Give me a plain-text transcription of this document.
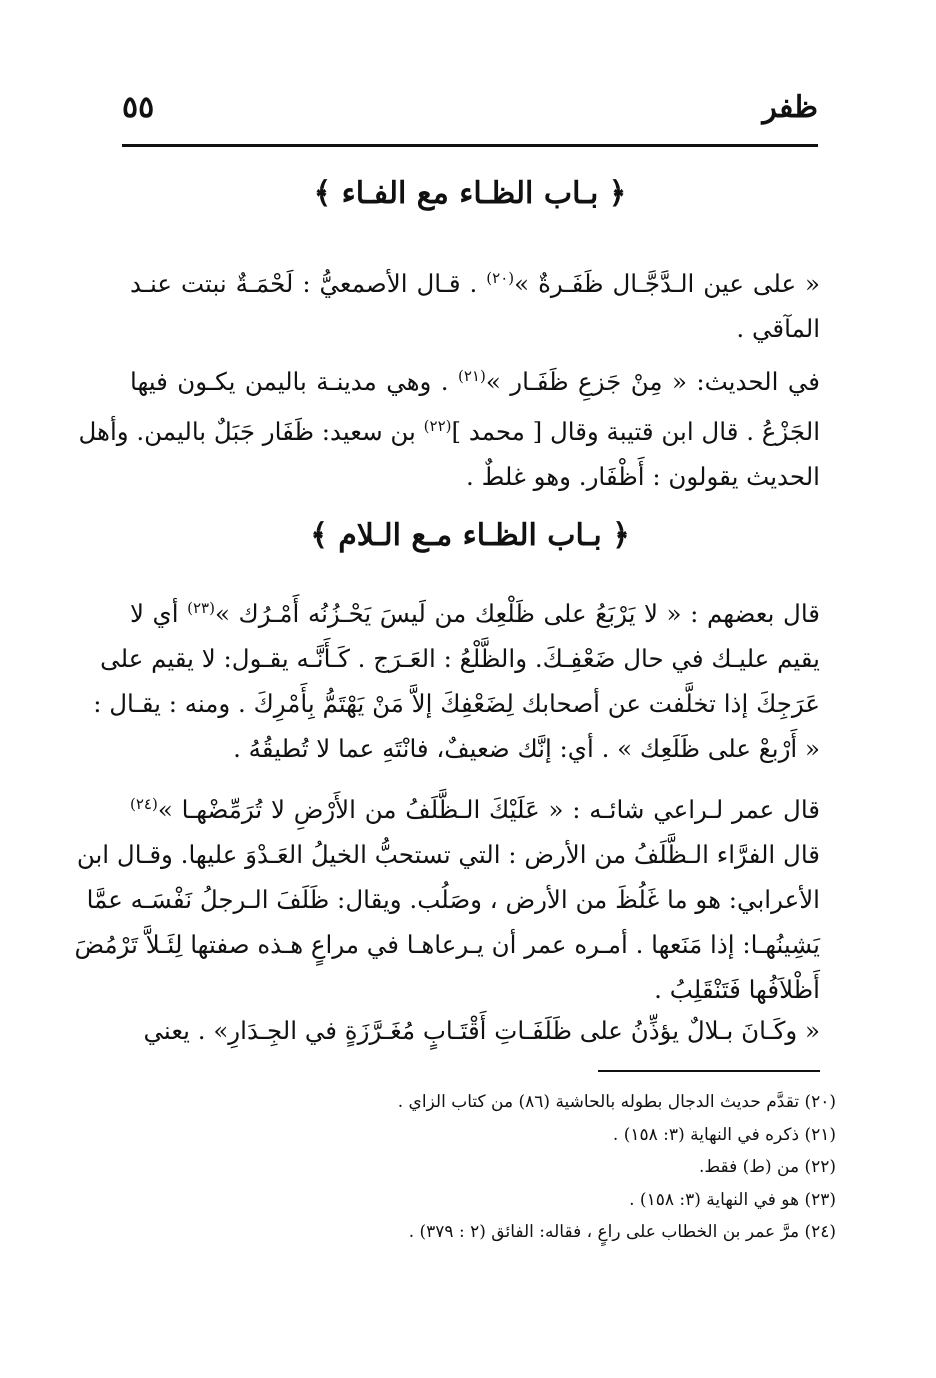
ظفر
٥٥
﴿ بـاب الظـاء مع الفـاء ﴾
« على عين الـدَّجَّـال ظَفَـرةٌ »$^{(٢٠)}$ . قـال الأصمعيُّ : لَحْمَـةٌ نبتت عنـد
المآقي .
في الحديث: « مِنْ جَزعِ ظَفَـار »$^{(٢١)}$ . وهي مدينـة باليمن يكـون فيها
الجَزْعُ . قال ابن قتيبة وقال [ محمد ]$^{(٢٢)}$ بن سعيد: ظَفَار جَبَلٌ باليمن. وأهل
الحديث يقولون : أَظْفَار. وهو غلطٌ .
﴿ بـاب الظـاء مـع الـلام ﴾
قال بعضهم : « لا يَرْبَعُ على ظَلْعِك من لَيسَ يَحْـزُنُه أَمْـرُك »$^{(٢٣)}$ أي لا
يقيم عليـك في حال ضَعْفِـكَ. والظَّلْعُ : العَـرَج . كَـأَنَّـه يقـول: لا يقيم على
عَرَجِكَ إذا تخلَّفت عن أصحابك لِضَعْفِكَ إلاَّ مَنْ يَهْتَمُّ بِأَمْرِكَ . ومنه : يقـال :
« أَرْبعْ على ظَلَعِك » . أي: إنَّك ضعيفٌ، فانْتَهِ عما لا تُطيقُهُ .
قال عمر لـراعي شائـه : « عَلَيْكَ الـظَّلَفُ من الأَرْضِ لا تُرَمِّضْهـا »$^{(٢٤)}$
قال الفرَّاء الـظَّلَفُ من الأرض : التي تستحبُّ الخيلُ العَـدْوَ عليها. وقـال ابن
الأعرابي: هو ما غَلُظَ من الأرض ، وصَلُب. ويقال: ظَلَفَ الـرجلُ نَفْسَـه عمَّا
يَشِينُهـا: إذا مَنَعها . أمـره عمر أن يـرعاهـا في مراعٍ هـذه صفتها لِئَـلاَّ تَرْمُضَ
أَظْلاَفُها فَتَنْقَلِبُ .
« وكَـانَ بـلالٌ يؤذِّنُ على ظَلَفَـاتِ أَقْتَـابٍ مُغَـرَّزَةٍ في الجِـدَارِ» . يعني
(٢٠) تقدَّم حديث الدجال بطوله بالحاشية (٨٦) من كتاب الزاي .
(٢١) ذكره في النهاية (٣: ١٥٨) .
(٢٢) من (ط) فقط.
(٢٣) هو في النهاية (٣: ١٥٨) .
(٢٤) مرَّ عمر بن الخطاب على راعٍ ، فقاله: الفائق (٢ : ٣٧٩) .
